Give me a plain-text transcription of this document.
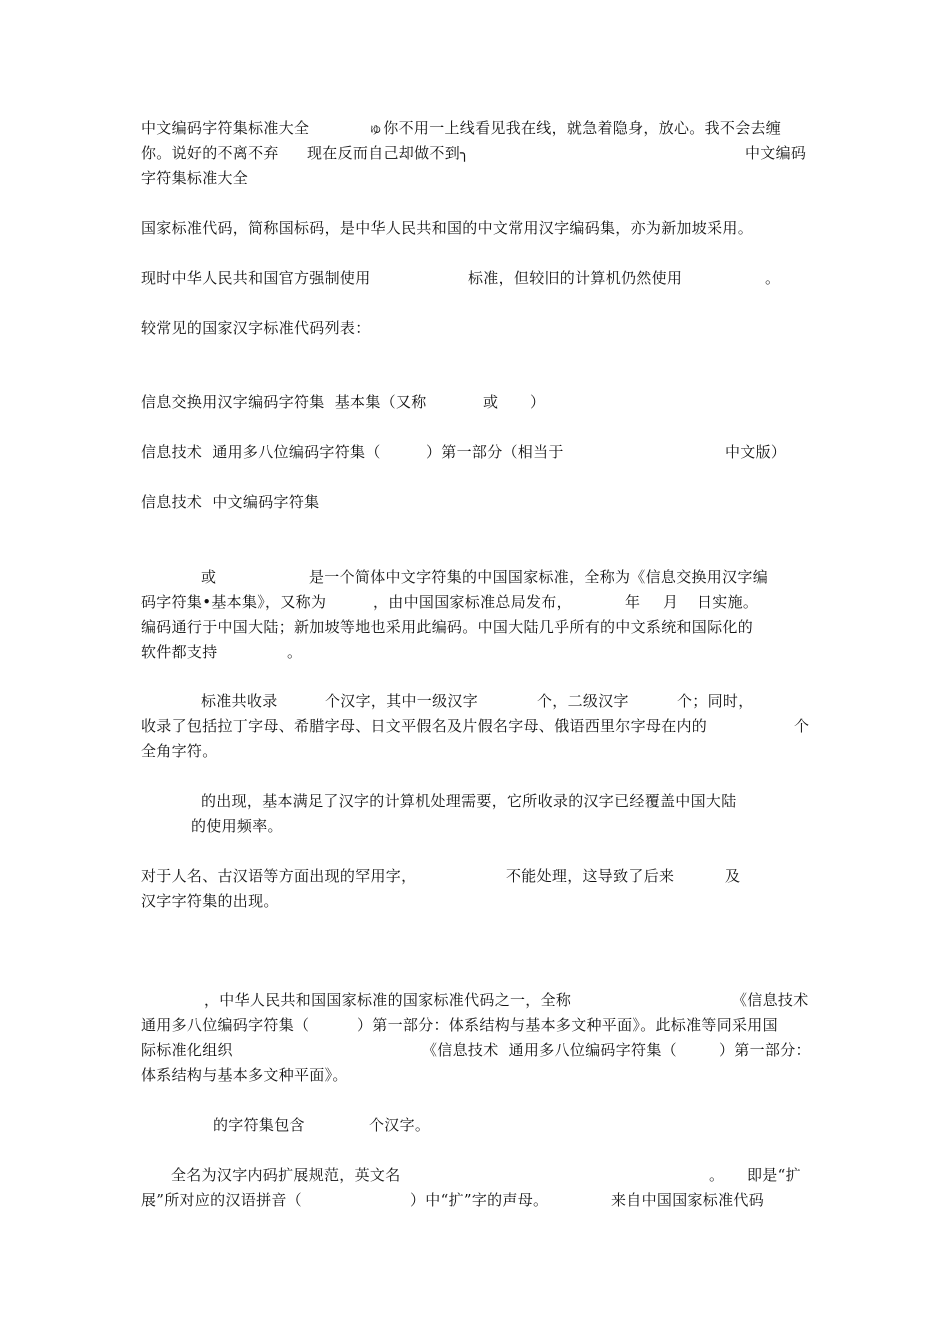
中文编码字符集标准大全	ゅ你不用一上线看见我在线，就急着隐身，放心。我不会去缠
你。说好的不离不弃 现在反而自己却做不到╮	中文编码
字符集标准大全
国家标准代码，简称国标码，是中华人民共和国的中文常用汉字编码集，亦为新加坡采用。
现时中华人民共和国官方强制使用	标准，但较旧的计算机仍然使用	。
较常见的国家汉字标准代码列表：
信息交换用汉字编码字符集  基本集（又称	或 ）
信息技术  通用多八位编码字符集（	）第一部分（相当于	中文版）
信息技术  中文编码字符集
或	是一个简体中文字符集的中国国家标准，全称为《信息交换用汉字编
码字符集•基本集》，又称为	，由中国国家标准总局发布，	年 月 日实施。
编码通行于中国大陆；新加坡等地也采用此编码。中国大陆几乎所有的中文系统和国际化的
软件都支持	。
标准共收录	个汉字，其中一级汉字	个，二级汉字	个；同时，
收录了包括拉丁字母、希腊字母、日文平假名及片假名字母、俄语西里尔字母在内的	个
全角字符。
的出现，基本满足了汉字的计算机处理需要，它所收录的汉字已经覆盖中国大陆
的使用频率。
对于人名、古汉语等方面出现的罕用字，	不能处理，这导致了后来	及
汉字字符集的出现。
，中华人民共和国国家标准的国家标准代码之一，全称	《信息技术
通用多八位编码字符集（	）第一部分：体系结构与基本多文种平面》。此标准等同采用国
际标准化组织	《信息技术  通用多八位编码字符集（	）第一部分：
体系结构与基本多文种平面》。
的字符集包含	个汉字。
全名为汉字内码扩展规范，英文名	。 即是“扩
展”所对应的汉语拼音（	）中“扩”字的声母。	来自中国国家标准代码
